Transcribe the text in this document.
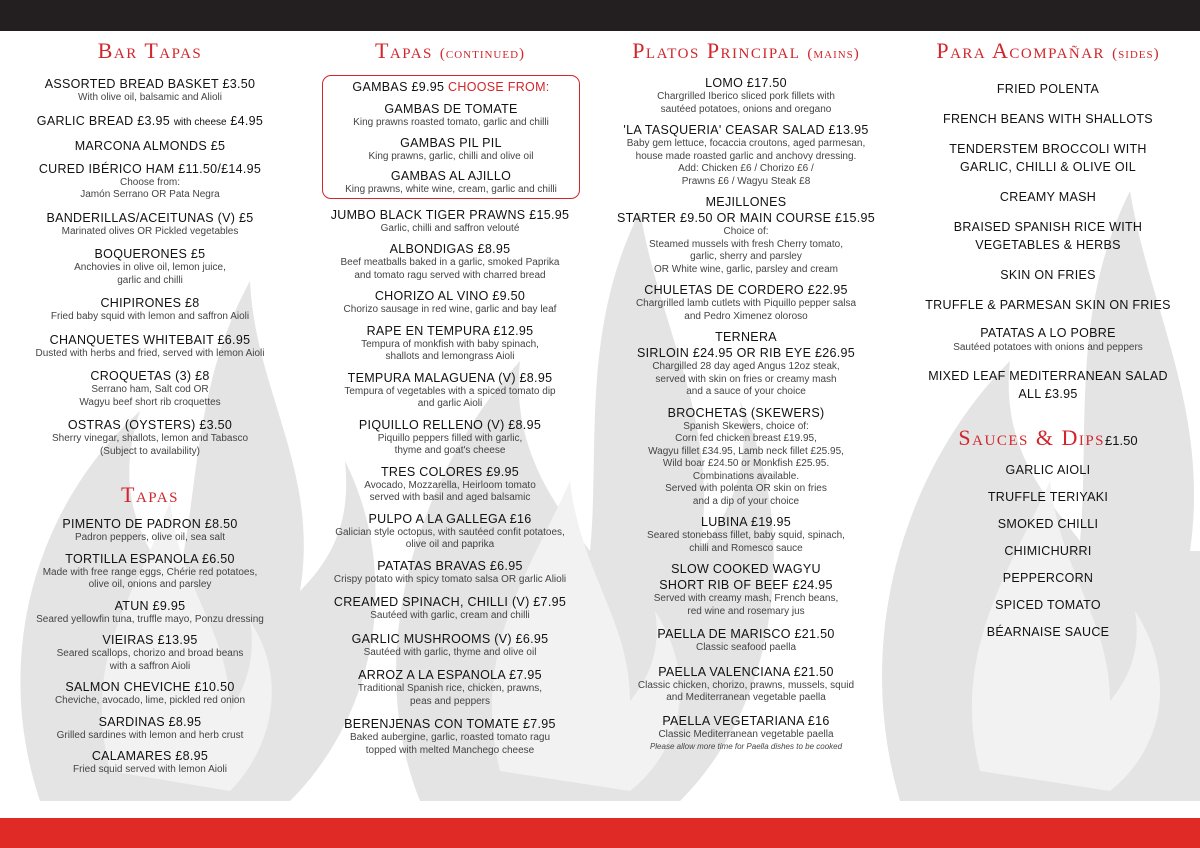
Bar Tapas
ASSORTED BREAD BASKET £3.50
With olive oil, balsamic and Alioli
GARLIC BREAD £3.95 with cheese £4.95
MARCONA ALMONDS £5
CURED IBÉRICO HAM £11.50/£14.95
Choose from:
Jamón Serrano OR Pata Negra
BANDERILLAS/ACEITUNAS (V) £5
Marinated olives OR Pickled vegetables
BOQUERONES £5
Anchovies in olive oil, lemon juice,
garlic and chilli
CHIPIRONES £8
Fried baby squid with lemon and saffron Aioli
CHANQUETES WHITEBAIT £6.95
Dusted with herbs and fried, served with lemon Aioli
CROQUETAS (3) £8
Serrano ham, Salt cod OR
Wagyu beef short rib croquettes
OSTRAS (OYSTERS) £3.50
Sherry vinegar, shallots, lemon and Tabasco
(Subject to availability)
Tapas
PIMENTO DE PADRON £8.50
Padron peppers, olive oil, sea salt
TORTILLA ESPANOLA £6.50
Made with free range eggs, Chérie red potatoes,
olive oil, onions and parsley
ATUN £9.95
Seared yellowfin tuna, truffle mayo, Ponzu dressing
VIEIRAS £13.95
Seared scallops, chorizo and broad beans
with a saffron Aioli
SALMON CHEVICHE £10.50
Cheviche, avocado, lime, pickled red onion
SARDINAS £8.95
Grilled sardines with lemon and herb crust
CALAMARES £8.95
Fried squid served with lemon Aioli
Tapas (continued)
GAMBAS £9.95 CHOOSE FROM:
GAMBAS DE TOMATE
King prawns roasted tomato, garlic and chilli
GAMBAS PIL PIL
King prawns, garlic, chilli and olive oil
GAMBAS AL AJILLO
King prawns, white wine, cream, garlic and chilli
JUMBO BLACK TIGER PRAWNS £15.95
Garlic, chilli and saffron velouté
ALBONDIGAS £8.95
Beef meatballs baked in a garlic, smoked Paprika
and tomato ragu served with charred bread
CHORIZO AL VINO £9.50
Chorizo sausage in red wine, garlic and bay leaf
RAPE EN TEMPURA £12.95
Tempura of monkfish with baby spinach,
shallots and lemongrass Aioli
TEMPURA MALAGUENA (V) £8.95
Tempura of vegetables with a spiced tomato dip
and garlic Aioli
PIQUILLO RELLENO (V) £8.95
Piquillo peppers filled with garlic,
thyme and goat's cheese
TRES COLORES £9.95
Avocado, Mozzarella, Heirloom tomato
served with basil and aged balsamic
PULPO A LA GALLEGA £16
Galician style octopus, with sautéed confit potatoes,
olive oil and paprika
PATATAS BRAVAS £6.95
Crispy potato with spicy tomato salsa OR garlic Alioli
CREAMED SPINACH, CHILLI (V) £7.95
Sautéed with garlic, cream and chilli
GARLIC MUSHROOMS (V) £6.95
Sautéed with garlic, thyme and olive oil
ARROZ A LA ESPANOLA £7.95
Traditional Spanish rice, chicken, prawns,
peas and peppers
BERENJENAS CON TOMATE £7.95
Baked aubergine, garlic, roasted tomato ragu
topped with melted Manchego cheese
Platos Principal (mains)
LOMO £17.50
Chargrilled Iberico sliced pork fillets with
sautéed potatoes, onions and oregano
'LA TASQUERIA' CEASAR SALAD £13.95
Baby gem lettuce, focaccia croutons, aged parmesan,
house made roasted garlic and anchovy dressing.
Add: Chicken £6 / Chorizo £6 /
Prawns £6 / Wagyu Steak £8
MEJILLONES
STARTER £9.50 OR MAIN COURSE £15.95
Choice of:
Steamed mussels with fresh Cherry tomato,
garlic, sherry and parsley
OR White wine, garlic, parsley and cream
CHULETAS DE CORDERO £22.95
Chargrilled lamb cutlets with Piquillo pepper salsa
and Pedro Ximenez oloroso
TERNERA
SIRLOIN £24.95 OR RIB EYE £26.95
Chargilled 28 day aged Angus 12oz steak,
served with skin on fries or creamy mash
and a sauce of your choice
BROCHETAS (SKEWERS)
Spanish Skewers, choice of:
Corn fed chicken breast £19.95,
Wagyu fillet £34.95, Lamb neck fillet £25.95,
Wild boar £24.50 or Monkfish £25.95.
Combinations available.
Served with polenta OR skin on fries
and a dip of your choice
LUBINA £19.95
Seared stonebass fillet, baby squid, spinach,
chilli and Romesco sauce
SLOW COOKED WAGYU
SHORT RIB OF BEEF £24.95
Served with creamy mash, French beans,
red wine and rosemary jus
PAELLA DE MARISCO £21.50
Classic seafood paella
PAELLA VALENCIANA £21.50
Classic chicken, chorizo, prawns, mussels, squid
and Mediterranean vegetable paella
PAELLA VEGETARIANA £16
Classic Mediterranean vegetable paella
Please allow more time for Paella dishes to be cooked
Para Acompañar (sides)
FRIED POLENTA
FRENCH BEANS WITH SHALLOTS
TENDERSTEM BROCCOLI WITH
GARLIC, CHILLI & OLIVE OIL
CREAMY MASH
BRAISED SPANISH RICE WITH
VEGETABLES & HERBS
SKIN ON FRIES
TRUFFLE & PARMESAN SKIN ON FRIES
PATATAS A LO POBRE
Sautéed potatoes with onions and peppers
MIXED LEAF MEDITERRANEAN SALAD
ALL £3.95
Sauces & Dips£1.50
GARLIC AIOLI
TRUFFLE TERIYAKI
SMOKED CHILLI
CHIMICHURRI
PEPPERCORN
SPICED TOMATO
BÉARNAISE SAUCE
